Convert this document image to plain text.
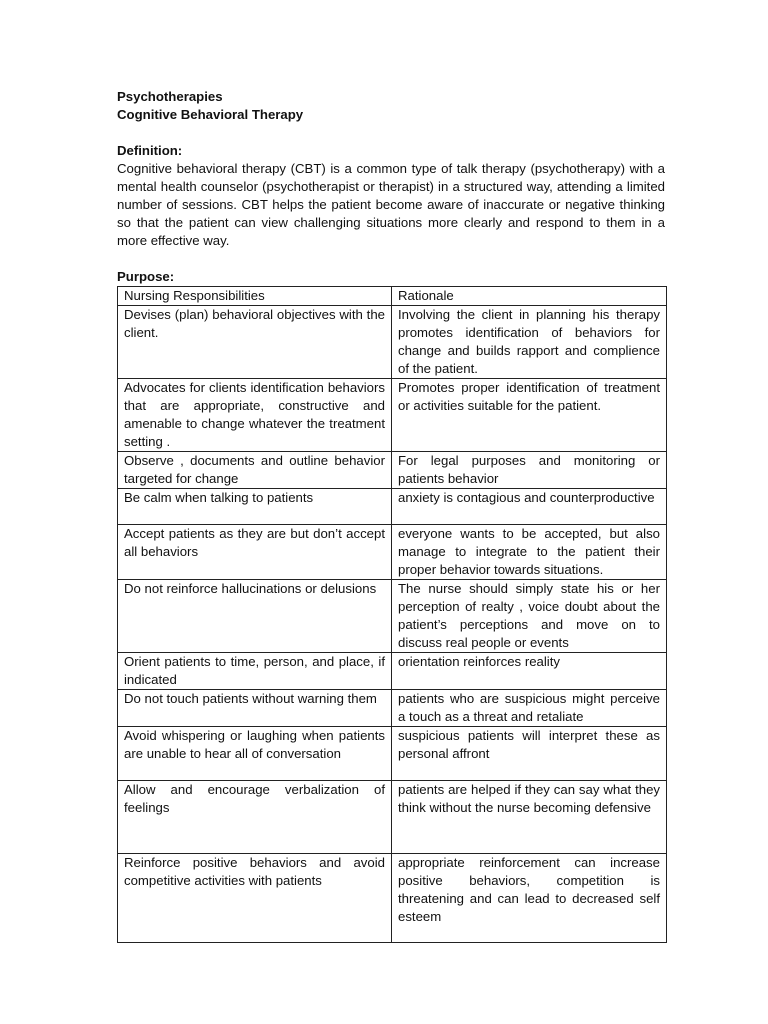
Psychotherapies

Cognitive Behavioral Therapy

Definition:

Cognitive behavioral therapy (CBT) is a common type of talk therapy (psychotherapy) with a mental health counselor (psychotherapist or therapist) in a structured way, attending a limited number of sessions. CBT helps the patient become aware of inaccurate or negative thinking so that the patient can view challenging situations more clearly and respond to them in a more effective way.

Purpose:

Nursing Responsibilities	Rationale
Devises (plan) behavioral objectives with the client.	Involving the client in planning his therapy promotes identification of behaviors for change and builds rapport and complience of the patient.
Advocates for clients identification behaviors that are appropriate, constructive and amenable to change whatever the treatment setting .	Promotes proper identification of treatment or activities suitable for the patient.
Observe , documents and outline behavior targeted for change	For legal purposes and monitoring or patients behavior
Be calm when talking to patients	anxiety is contagious and counterproductive
Accept patients as they are but don’t accept all behaviors	everyone wants to be accepted, but also manage to integrate to the patient their proper behavior towards situations.
Do not reinforce hallucinations or delusions	The nurse should simply state his or her perception of realty , voice doubt about the patient’s perceptions and move on to discuss real people or events
Orient patients to time, person, and place, if indicated	orientation reinforces reality
Do not touch patients without warning them	patients who are suspicious might perceive a touch as a threat and retaliate
Avoid whispering or laughing when patients are unable to hear all of conversation	suspicious patients will interpret these as personal affront
Allow and encourage verbalization of feelings	patients are helped if they can say what they think without the nurse becoming defensive
Reinforce positive behaviors and avoid competitive activities with patients	appropriate reinforcement can increase positive behaviors, competition is threatening and can lead to decreased self esteem
